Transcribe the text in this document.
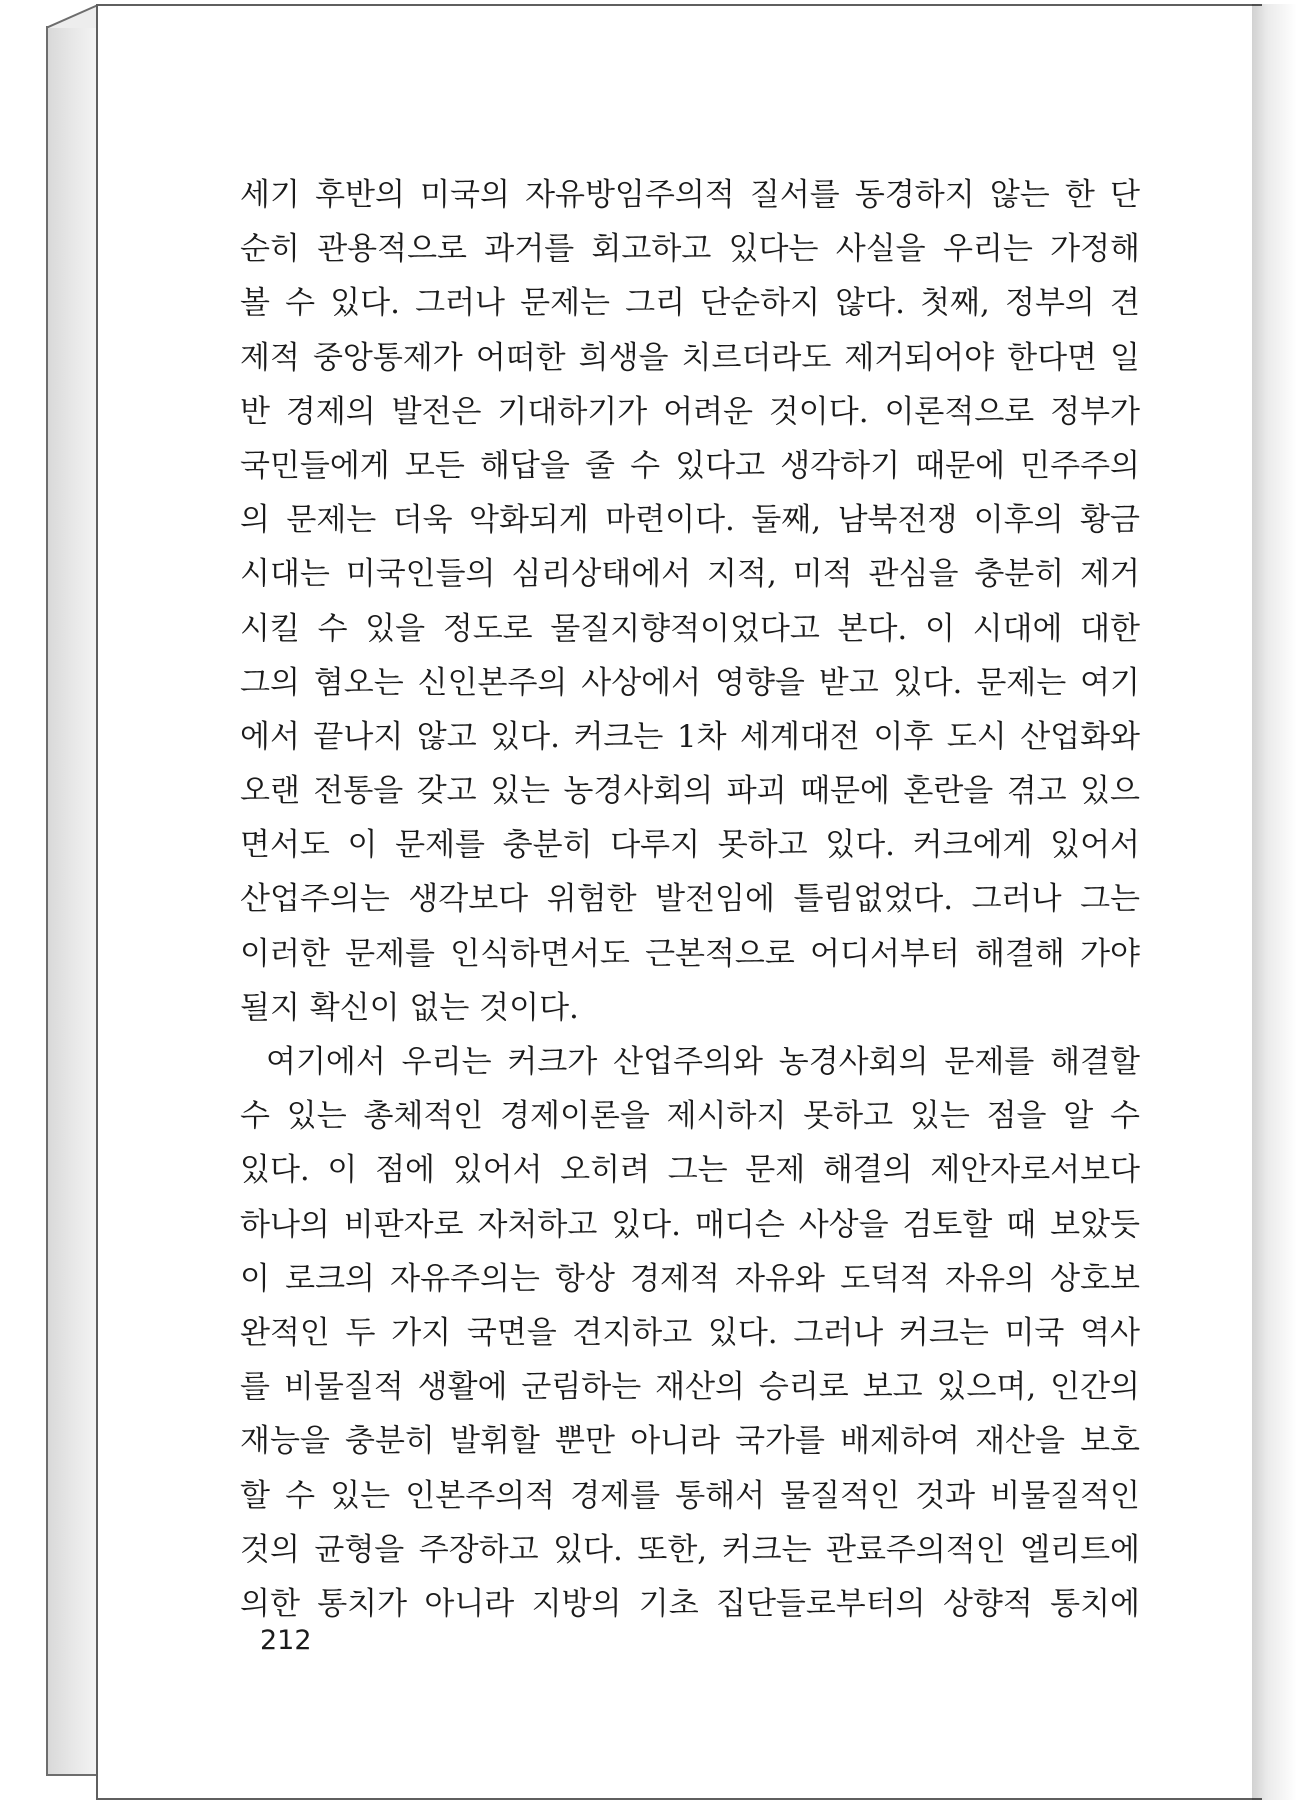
세기 후반의 미국의 자유방임주의적 질서를 동경하지 않는 한 단
순히 관용적으로 과거를 회고하고 있다는 사실을 우리는 가정해
볼 수 있다. 그러나 문제는 그리 단순하지 않다. 첫째, 정부의 견
제적 중앙통제가 어떠한 희생을 치르더라도 제거되어야 한다면 일
반 경제의 발전은 기대하기가 어려운 것이다. 이론적으로 정부가
국민들에게 모든 해답을 줄 수 있다고 생각하기 때문에 민주주의
의 문제는 더욱 악화되게 마련이다. 둘째, 남북전쟁 이후의 황금
시대는 미국인들의 심리상태에서 지적, 미적 관심을 충분히 제거
시킬 수 있을 정도로 물질지향적이었다고 본다. 이 시대에 대한
그의 혐오는 신인본주의 사상에서 영향을 받고 있다. 문제는 여기
에서 끝나지 않고 있다. 커크는 1차 세계대전 이후 도시 산업화와
오랜 전통을 갖고 있는 농경사회의 파괴 때문에 혼란을 겪고 있으
면서도 이 문제를 충분히 다루지 못하고 있다. 커크에게 있어서
산업주의는 생각보다 위험한 발전임에 틀림없었다. 그러나 그는
이러한 문제를 인식하면서도 근본적으로 어디서부터 해결해 가야
될지 확신이 없는 것이다.
여기에서 우리는 커크가 산업주의와 농경사회의 문제를 해결할
수 있는 총체적인 경제이론을 제시하지 못하고 있는 점을 알 수
있다. 이 점에 있어서 오히려 그는 문제 해결의 제안자로서보다
하나의 비판자로 자처하고 있다. 매디슨 사상을 검토할 때 보았듯
이 로크의 자유주의는 항상 경제적 자유와 도덕적 자유의 상호보
완적인 두 가지 국면을 견지하고 있다. 그러나 커크는 미국 역사
를 비물질적 생활에 군림하는 재산의 승리로 보고 있으며, 인간의
재능을 충분히 발휘할 뿐만 아니라 국가를 배제하여 재산을 보호
할 수 있는 인본주의적 경제를 통해서 물질적인 것과 비물질적인
것의 균형을 주장하고 있다. 또한, 커크는 관료주의적인 엘리트에
의한 통치가 아니라 지방의 기초 집단들로부터의 상향적 통치에
212
